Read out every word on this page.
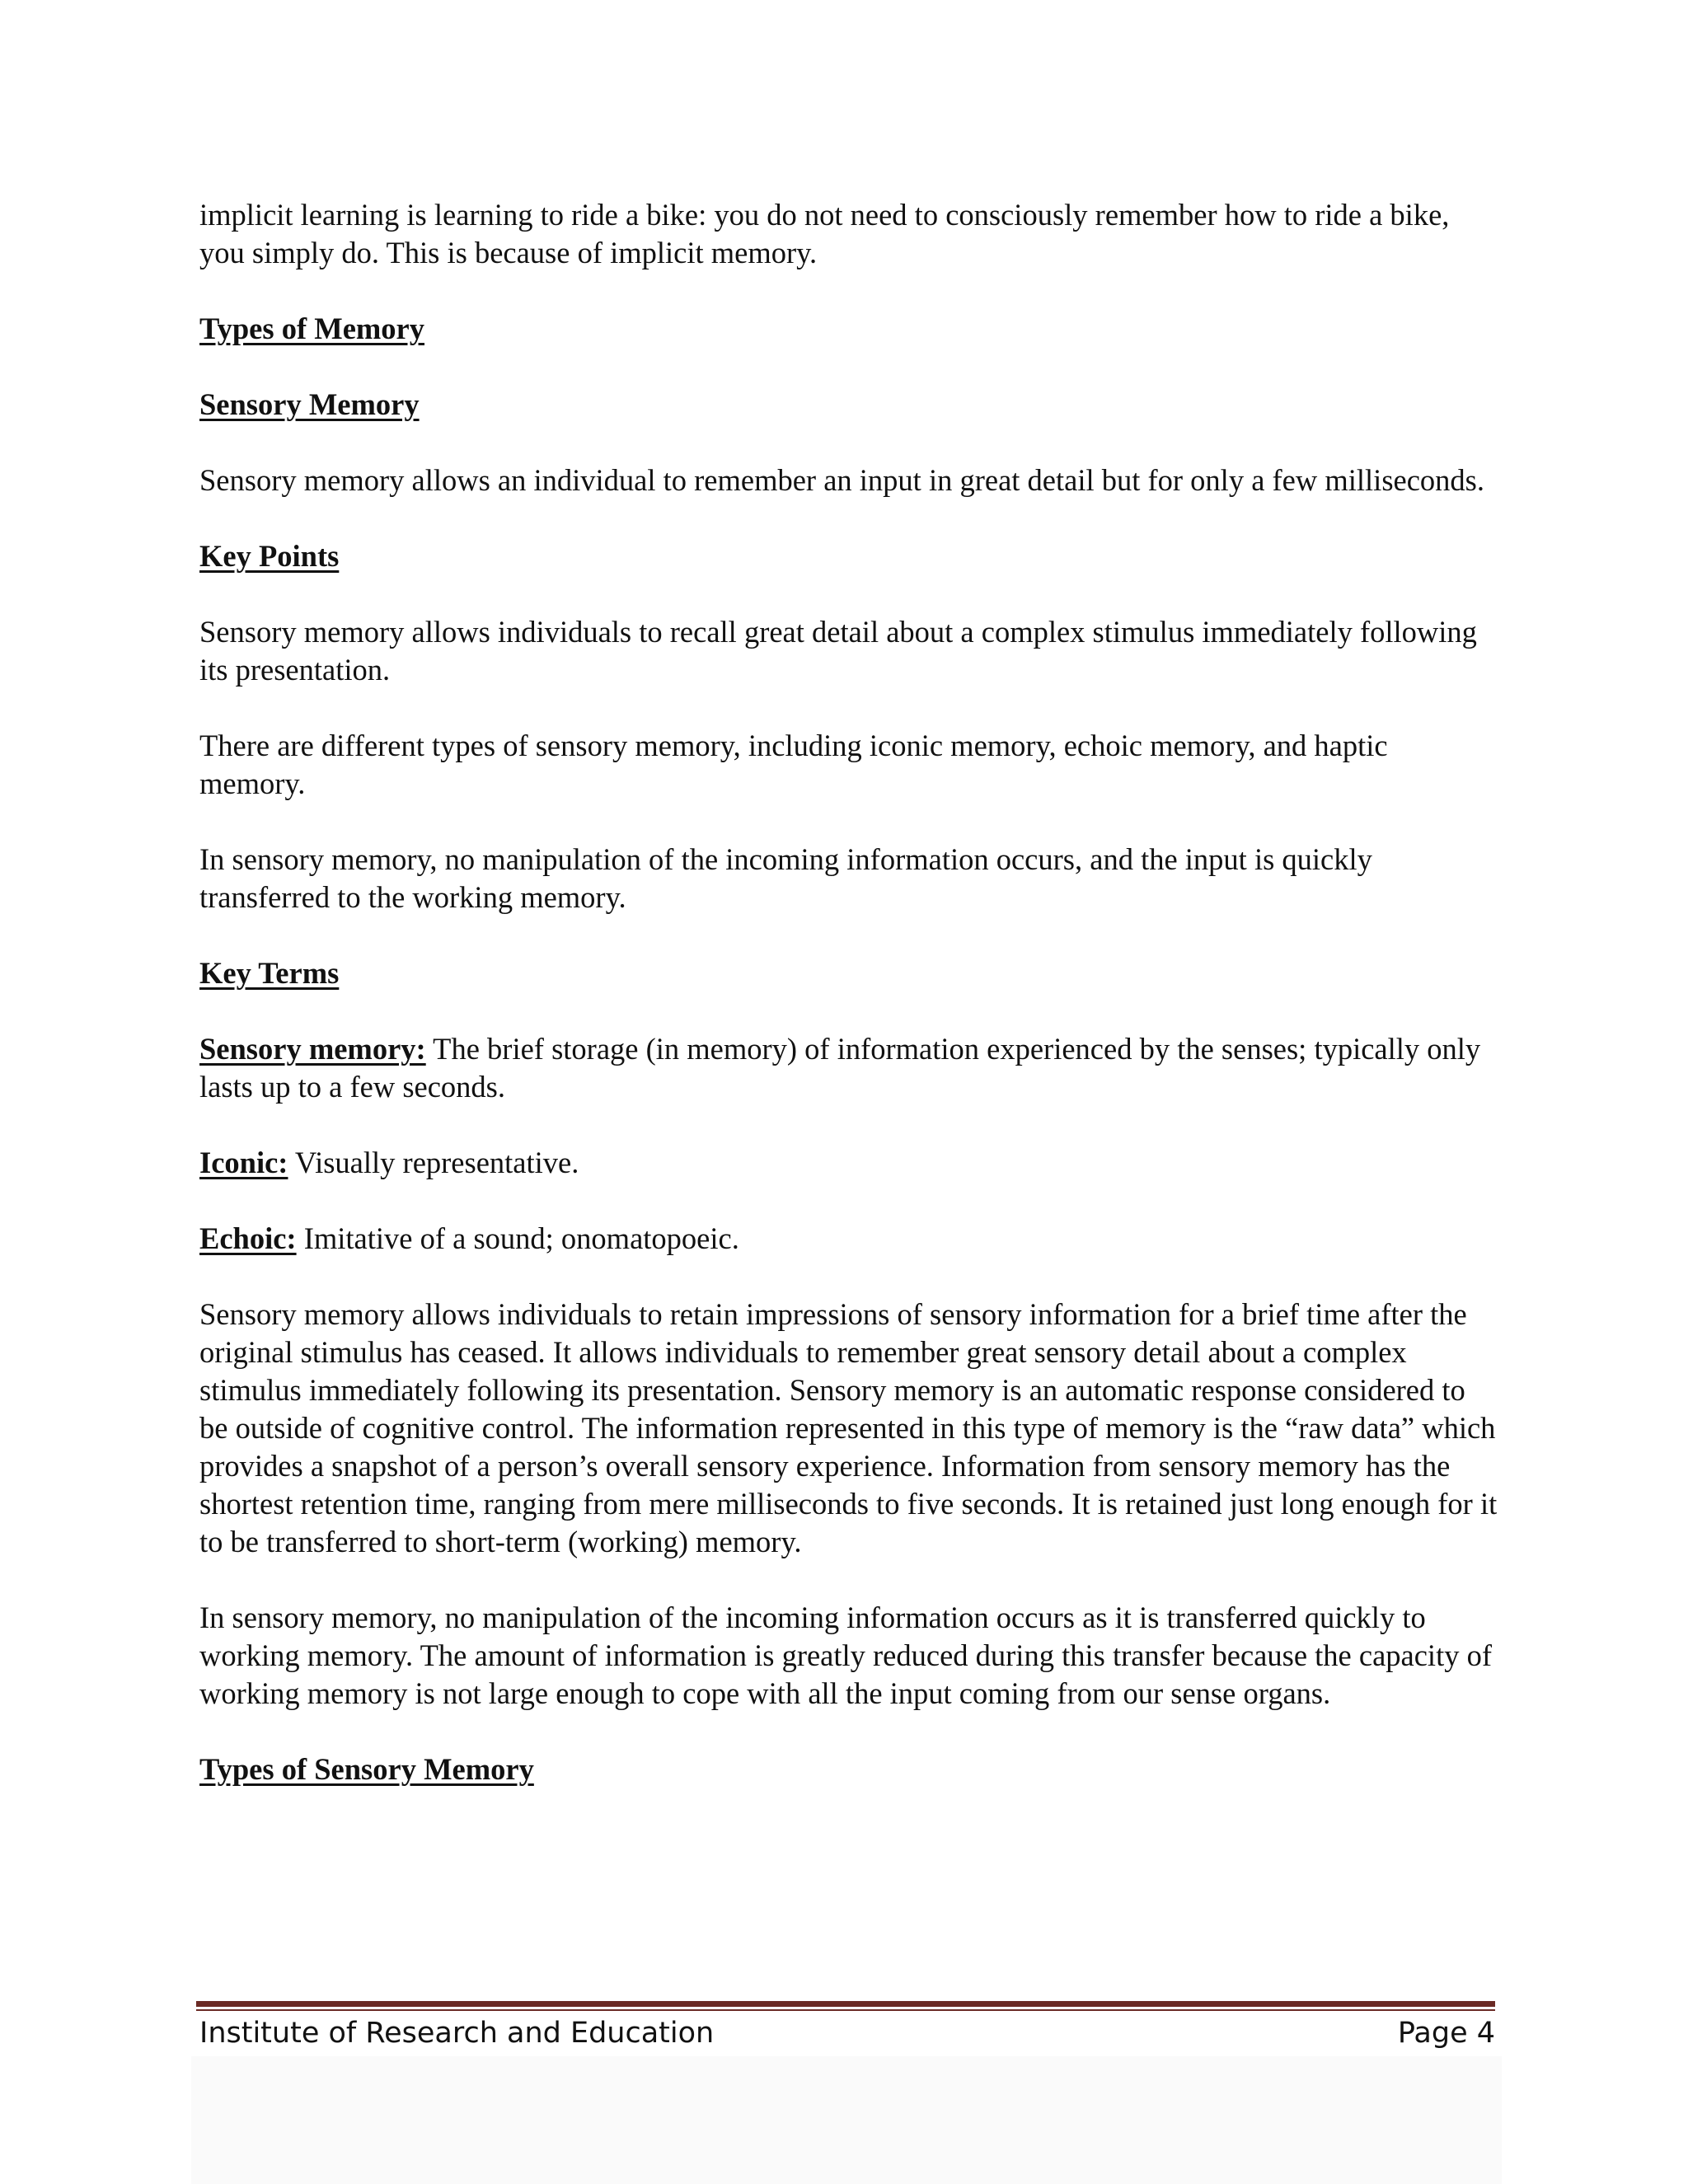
implicit learning is learning to ride a bike: you do not need to consciously remember how to ride a bike, you simply do. This is because of implicit memory.

Types of Memory
Sensory Memory

Sensory memory allows an individual to remember an input in great detail but for only a few milliseconds.

Key Points

Sensory memory allows individuals to recall great detail about a complex stimulus immediately following its presentation.

There are different types of sensory memory, including iconic memory, echoic memory, and haptic memory.

In sensory memory, no manipulation of the incoming information occurs, and the input is quickly transferred to the working memory.

Key Terms

Sensory memory: The brief storage (in memory) of information experienced by the senses; typically only lasts up to a few seconds.

Iconic: Visually representative.

Echoic: Imitative of a sound; onomatopoeic.

Sensory memory allows individuals to retain impressions of sensory information for a brief time after the original stimulus has ceased. It allows individuals to remember great sensory detail about a complex stimulus immediately following its presentation. Sensory memory is an automatic response considered to be outside of cognitive control. The information represented in this type of memory is the “raw data” which provides a snapshot of a person’s overall sensory experience. Information from sensory memory has the shortest retention time, ranging from mere milliseconds to five seconds. It is retained just long enough for it to be transferred to short-term (working) memory.

In sensory memory, no manipulation of the incoming information occurs as it is transferred quickly to working memory. The amount of information is greatly reduced during this transfer because the capacity of working memory is not large enough to cope with all the input coming from our sense organs.

Types of Sensory Memory
Institute of Research and Education	Page 4
